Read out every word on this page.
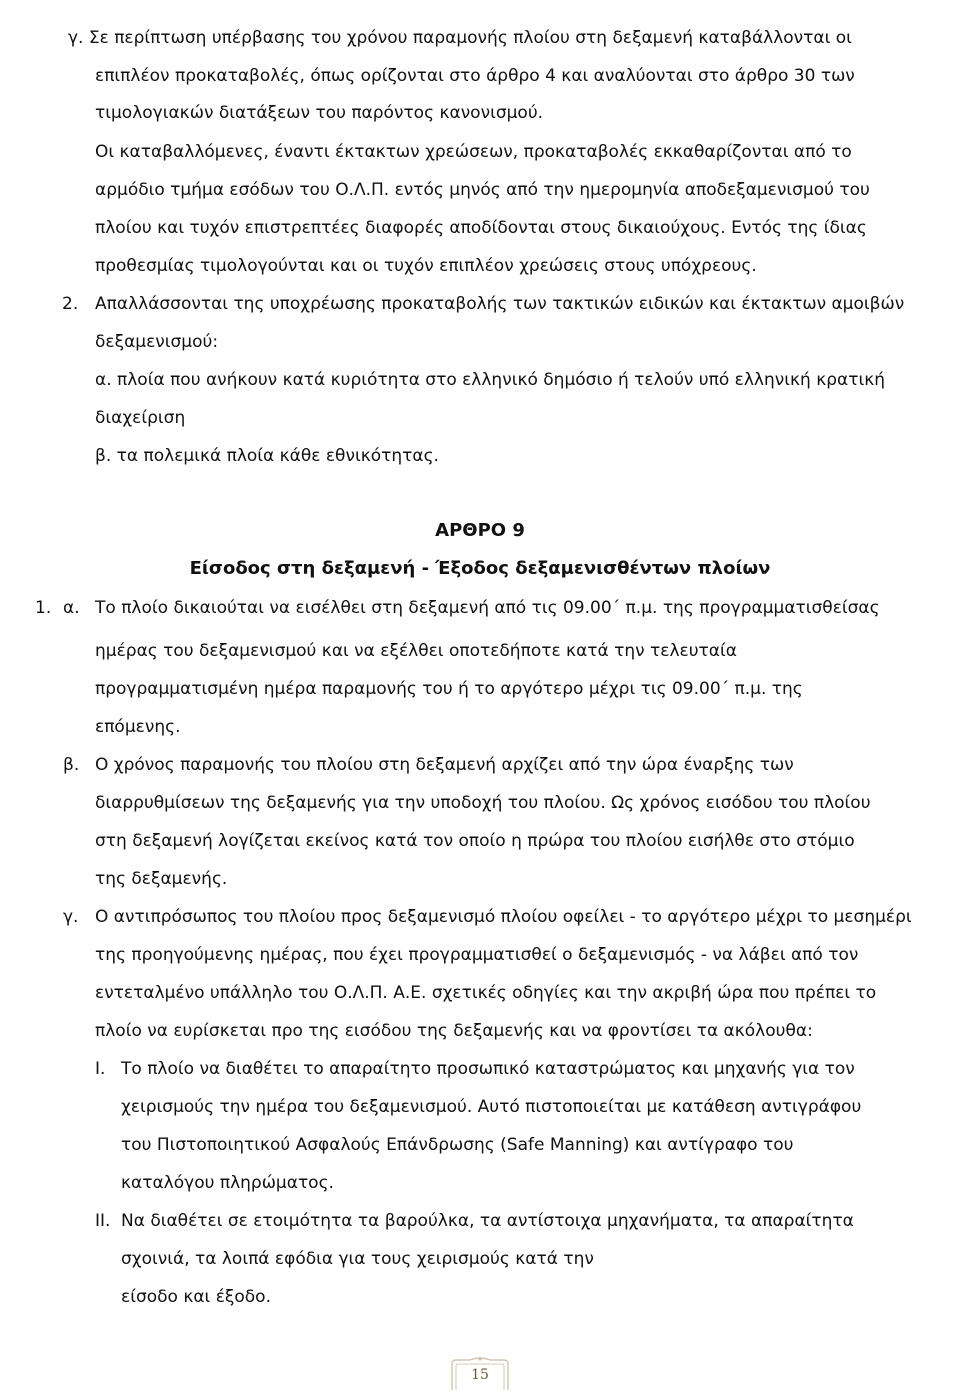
γ. Σε περίπτωση υπέρβασης του χρόνου παραμονής πλοίου στη δεξαμενή καταβάλλονται οι
επιπλέον προκαταβολές, όπως ορίζονται στο άρθρο 4 και αναλύονται στο άρθρο 30 των
τιμολογιακών διατάξεων του παρόντος κανονισμού.
Οι καταβαλλόμενες, έναντι έκτακτων χρεώσεων, προκαταβολές εκκαθαρίζονται από το
αρμόδιο τμήμα εσόδων του Ο.Λ.Π. εντός μηνός από την ημερομηνία αποδεξαμενισμού του
πλοίου και τυχόν επιστρεπτέες διαφορές αποδίδονται στους δικαιούχους. Εντός της ίδιας
προθεσμίας τιμολογούνται και οι τυχόν επιπλέον χρεώσεις στους υπόχρεους.
2. Απαλλάσσονται της υποχρέωσης προκαταβολής των τακτικών ειδικών και έκτακτων αμοιβών
δεξαμενισμού:
α. πλοία που ανήκουν κατά κυριότητα στο ελληνικό δημόσιο ή τελούν υπό ελληνική κρατική
διαχείριση
β. τα πολεμικά πλοία κάθε εθνικότητας.
ΑΡΘΡΟ 9
Είσοδος στη δεξαμενή - Έξοδος δεξαμενισθέντων πλοίων
1. α. Το πλοίο δικαιούται να εισέλθει στη δεξαμενή από τις 09.00΄ π.μ. της προγραμματισθείσας
ημέρας του δεξαμενισμού και να εξέλθει οποτεδήποτε κατά την τελευταία
προγραμματισμένη ημέρα παραμονής του ή το αργότερο μέχρι τις 09.00΄ π.μ. της
επόμενης.
β. Ο χρόνος παραμονής του πλοίου στη δεξαμενή αρχίζει από την ώρα έναρξης των
διαρρυθμίσεων της δεξαμενής για την υποδοχή του πλοίου. Ως χρόνος εισόδου του πλοίου
στη δεξαμενή λογίζεται εκείνος κατά τον οποίο η πρώρα του πλοίου εισήλθε στο στόμιο
της δεξαμενής.
γ. Ο αντιπρόσωπος του πλοίου προς δεξαμενισμό πλοίου οφείλει - το αργότερο μέχρι το μεσημέρι
της προηγούμενης ημέρας, που έχει προγραμματισθεί ο δεξαμενισμός - να λάβει από τον
εντεταλμένο υπάλληλο του Ο.Λ.Π. Α.Ε. σχετικές οδηγίες και την ακριβή ώρα που πρέπει το
πλοίο να ευρίσκεται προ της εισόδου της δεξαμενής και να φροντίσει τα ακόλουθα:
Ι. Το πλοίο να διαθέτει το απαραίτητο προσωπικό καταστρώματος και μηχανής για τον
χειρισμούς την ημέρα του δεξαμενισμού. Αυτό πιστοποιείται με κατάθεση αντιγράφου
του Πιστοποιητικού Ασφαλούς Επάνδρωσης (Safe Manning) και αντίγραφο του
καταλόγου πληρώματος.
ΙΙ. Να διαθέτει σε ετοιμότητα τα βαρούλκα, τα αντίστοιχα μηχανήματα, τα απαραίτητα
σχοινιά, τα λοιπά εφόδια για τους χειρισμούς κατά την
είσοδο και έξοδο.
15
